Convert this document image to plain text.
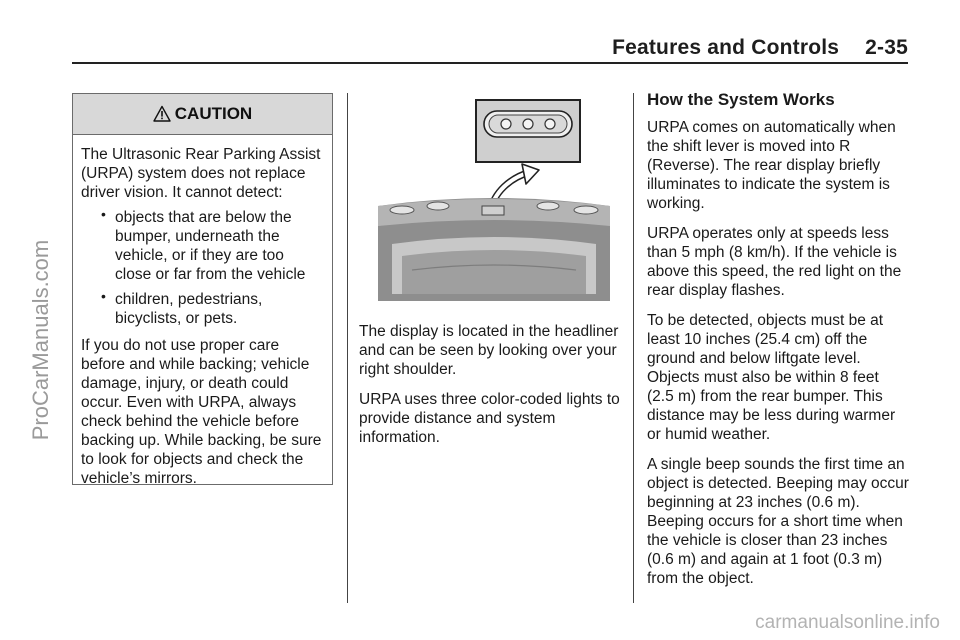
Features and Controls 2-35
ProCarManuals.com
CAUTION

The Ultrasonic Rear Parking Assist (URPA) system does not replace driver vision. It cannot detect:

• objects that are below the bumper, underneath the vehicle, or if they are too close or far from the vehicle
• children, pedestrians, bicyclists, or pets.

If you do not use proper care before and while backing; vehicle damage, injury, or death could occur. Even with URPA, always check behind the vehicle before backing up. While backing, be sure to look for objects and check the vehicle’s mirrors.

The display is located in the headliner and can be seen by looking over your right shoulder.

URPA uses three color-coded lights to provide distance and system information.

How the System Works

URPA comes on automatically when the shift lever is moved into R (Reverse). The rear display briefly illuminates to indicate the system is working.

URPA operates only at speeds less than 5 mph (8 km/h). If the vehicle is above this speed, the red light on the rear display flashes.

To be detected, objects must be at least 10 inches (25.4 cm) off the ground and below liftgate level. Objects must also be within 8 feet (2.5 m) from the rear bumper. This distance may be less during warmer or humid weather.

A single beep sounds the first time an object is detected. Beeping may occur beginning at 23 inches (0.6 m). Beeping occurs for a short time when the vehicle is closer than 23 inches (0.6 m) and again at 1 foot (0.3 m) from the object.

carmanualsonline.info
